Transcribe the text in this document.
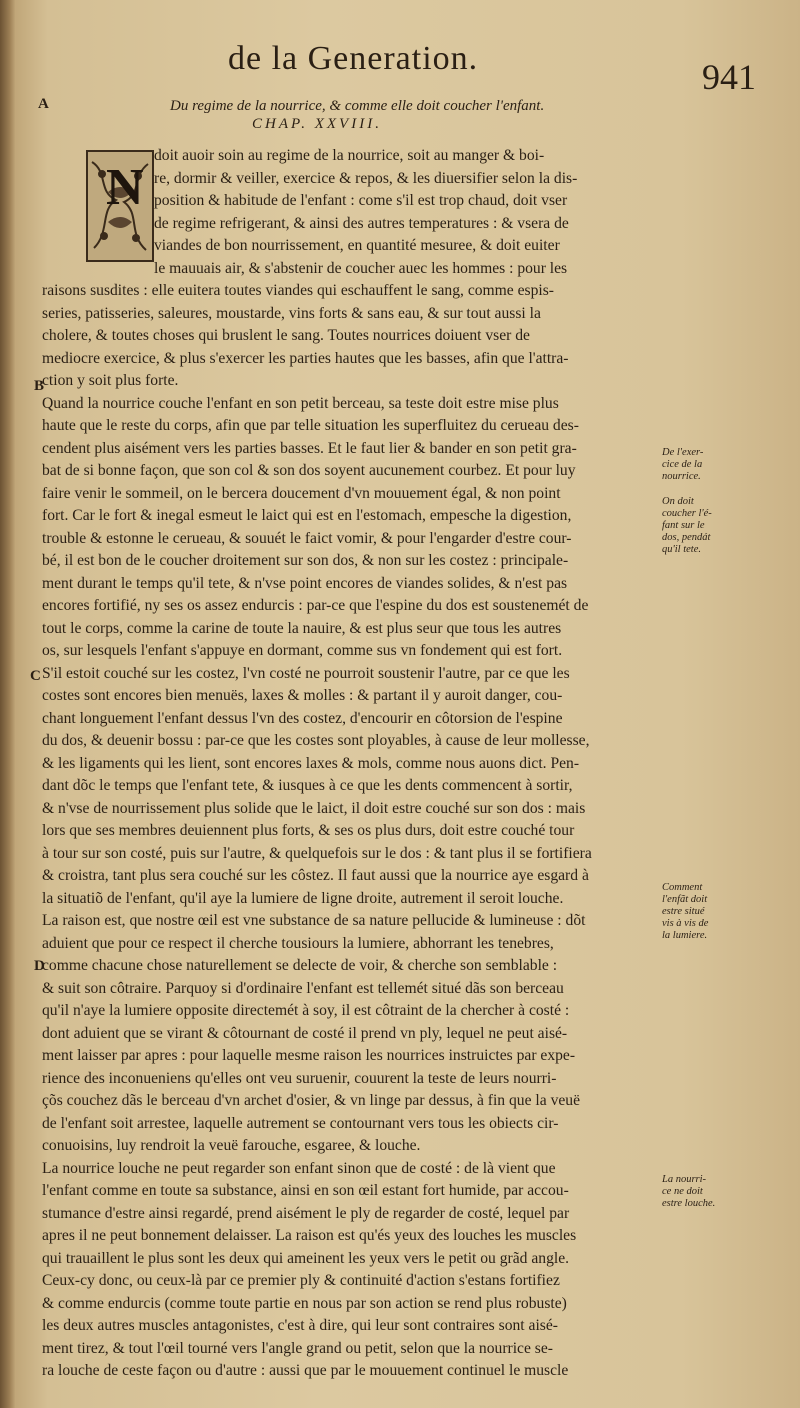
de la Generation.	941
A
B
C
D
Du regime de la nourrice, & comme elle doit coucher l'enfant.
CHAP. XXVIII.
N
doit auoir soin au regime de la nourrice, soit au manger & boi-
re, dormir & veiller, exercice & repos, & les diuersifier selon la dis-
position & habitude de l'enfant : come s'il est trop chaud, doit vser
de regime refrigerant, & ainsi des autres temperatures : & vsera de
viandes de bon nourrissement, en quantité mesuree, & doit euiter
le mauuais air, & s'abstenir de coucher auec les hommes : pour les
raisons susdites : elle euitera toutes viandes qui eschauffent le sang, comme espis-
series, patisseries, saleures, moustarde, vins forts & sans eau, & sur tout aussi la
cholere, & toutes choses qui bruslent le sang. Toutes nourrices doiuent vser de
mediocre exercice, & plus s'exercer les parties hautes que les basses, afin que l'attra-
ction y soit plus forte.
Quand la nourrice couche l'enfant en son petit berceau, sa teste doit estre mise plus
haute que le reste du corps, afin que par telle situation les superfluitez du cerueau des-
cendent plus aisément vers les parties basses. Et le faut lier & bander en son petit gra-
bat de si bonne façon, que son col & son dos soyent aucunement courbez. Et pour luy
faire venir le sommeil, on le bercera doucement d'vn mouuement égal, & non point
fort. Car le fort & inegal esmeut le laict qui est en l'estomach, empesche la digestion,
trouble & estonne le cerueau, & souuét le faict vomir, & pour l'engarder d'estre cour-
bé, il est bon de le coucher droitement sur son dos, & non sur les costez : principale-
ment durant le temps qu'il tete, & n'vse point encores de viandes solides, & n'est pas
encores fortifié, ny ses os assez endurcis : par-ce que l'espine du dos est soustenemét de
tout le corps, comme la carine de toute la nauire, & est plus seur que tous les autres
os, sur lesquels l'enfant s'appuye en dormant, comme sus vn fondement qui est fort.
S'il estoit couché sur les costez, l'vn costé ne pourroit soustenir l'autre, par ce que les
costes sont encores bien menuës, laxes & molles : & partant il y auroit danger, cou-
chant longuement l'enfant dessus l'vn des costez, d'encourir en côtorsion de l'espine
du dos, & deuenir bossu : par-ce que les costes sont ployables, à cause de leur mollesse,
& les ligaments qui les lient, sont encores laxes & mols, comme nous auons dict. Pen-
dant dõc le temps que l'enfant tete, & iusques à ce que les dents commencent à sortir,
& n'vse de nourrissement plus solide que le laict, il doit estre couché sur son dos : mais
lors que ses membres deuiennent plus forts, & ses os plus durs, doit estre couché tour
à tour sur son costé, puis sur l'autre, & quelquefois sur le dos : & tant plus il se fortifiera
& croistra, tant plus sera couché sur les côstez. Il faut aussi que la nourrice aye esgard à
la situatiõ de l'enfant, qu'il aye la lumiere de ligne droite, autrement il seroit louche.
La raison est, que nostre œil est vne substance de sa nature pellucide & lumineuse : dõt
aduient que pour ce respect il cherche tousiours la lumiere, abhorrant les tenebres,
comme chacune chose naturellement se delecte de voir, & cherche son semblable :
& suit son côtraire. Parquoy si d'ordinaire l'enfant est tellemét situé dãs son berceau
qu'il n'aye la lumiere opposite directemét à soy, il est côtraint de la chercher à costé :
dont aduient que se virant & côtournant de costé il prend vn ply, lequel ne peut aisé-
ment laisser par apres : pour laquelle mesme raison les nourrices instruictes par expe-
rience des inconueniens qu'elles ont veu suruenir, couurent la teste de leurs nourri-
çõs couchez dãs le berceau d'vn archet d'osier, & vn linge par dessus, à fin que la veuë
de l'enfant soit arrestee, laquelle autrement se contournant vers tous les obiects cir-
conuoisins, luy rendroit la veuë farouche, esgaree, & louche.
La nourrice louche ne peut regarder son enfant sinon que de costé : de là vient que
l'enfant comme en toute sa substance, ainsi en son œil estant fort humide, par accou-
stumance d'estre ainsi regardé, prend aisément le ply de regarder de costé, lequel par
apres il ne peut bonnement delaisser. La raison est qu'és yeux des louches les muscles
qui trauaillent le plus sont les deux qui ameinent les yeux vers le petit ou grãd angle.
Ceux-cy donc, ou ceux-là par ce premier ply & continuité d'action s'estans fortifiez
& comme endurcis (comme toute partie en nous par son action se rend plus robuste)
les deux autres muscles antagonistes, c'est à dire, qui leur sont contraires sont aisé-
ment tirez, & tout l'œil tourné vers l'angle grand ou petit, selon que la nourrice se-
ra louche de ceste façon ou d'autre : aussi que par le mouuement continuel le muscle
De l'exer-
cice de la
nourrice.
On doit
coucher l'é-
fant sur le
dos, pendát
qu'il tete.
Comment
l'enfãt doit
estre situé
vis à vis de
la lumiere.
La nourri-
ce ne doit
estre louche.
